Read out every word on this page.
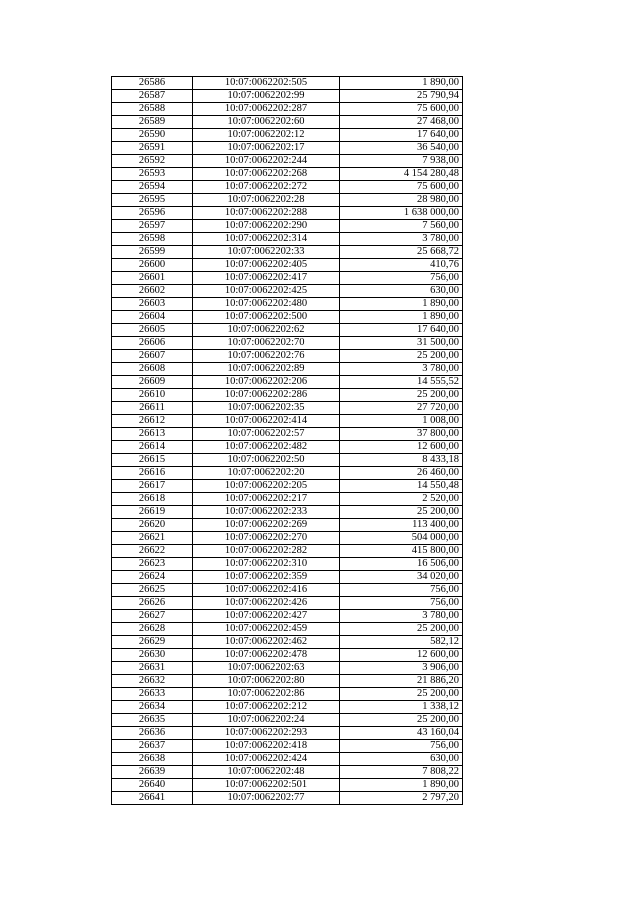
26586	10:07:0062202:505	1 890,00
26587	10:07:0062202:99	25 790,94
26588	10:07:0062202:287	75 600,00
26589	10:07:0062202:60	27 468,00
26590	10:07:0062202:12	17 640,00
26591	10:07:0062202:17	36 540,00
26592	10:07:0062202:244	7 938,00
26593	10:07:0062202:268	4 154 280,48
26594	10:07:0062202:272	75 600,00
26595	10:07:0062202:28	28 980,00
26596	10:07:0062202:288	1 638 000,00
26597	10:07:0062202:290	7 560,00
26598	10:07:0062202:314	3 780,00
26599	10:07:0062202:33	25 668,72
26600	10:07:0062202:405	410,76
26601	10:07:0062202:417	756,00
26602	10:07:0062202:425	630,00
26603	10:07:0062202:480	1 890,00
26604	10:07:0062202:500	1 890,00
26605	10:07:0062202:62	17 640,00
26606	10:07:0062202:70	31 500,00
26607	10:07:0062202:76	25 200,00
26608	10:07:0062202:89	3 780,00
26609	10:07:0062202:206	14 555,52
26610	10:07:0062202:286	25 200,00
26611	10:07:0062202:35	27 720,00
26612	10:07:0062202:414	1 008,00
26613	10:07:0062202:57	37 800,00
26614	10:07:0062202:482	12 600,00
26615	10:07:0062202:50	8 433,18
26616	10:07:0062202:20	26 460,00
26617	10:07:0062202:205	14 550,48
26618	10:07:0062202:217	2 520,00
26619	10:07:0062202:233	25 200,00
26620	10:07:0062202:269	113 400,00
26621	10:07:0062202:270	504 000,00
26622	10:07:0062202:282	415 800,00
26623	10:07:0062202:310	16 506,00
26624	10:07:0062202:359	34 020,00
26625	10:07:0062202:416	756,00
26626	10:07:0062202:426	756,00
26627	10:07:0062202:427	3 780,00
26628	10:07:0062202:459	25 200,00
26629	10:07:0062202:462	582,12
26630	10:07:0062202:478	12 600,00
26631	10:07:0062202:63	3 906,00
26632	10:07:0062202:80	21 886,20
26633	10:07:0062202:86	25 200,00
26634	10:07:0062202:212	1 338,12
26635	10:07:0062202:24	25 200,00
26636	10:07:0062202:293	43 160,04
26637	10:07:0062202:418	756,00
26638	10:07:0062202:424	630,00
26639	10:07:0062202:48	7 808,22
26640	10:07:0062202:501	1 890,00
26641	10:07:0062202:77	2 797,20
